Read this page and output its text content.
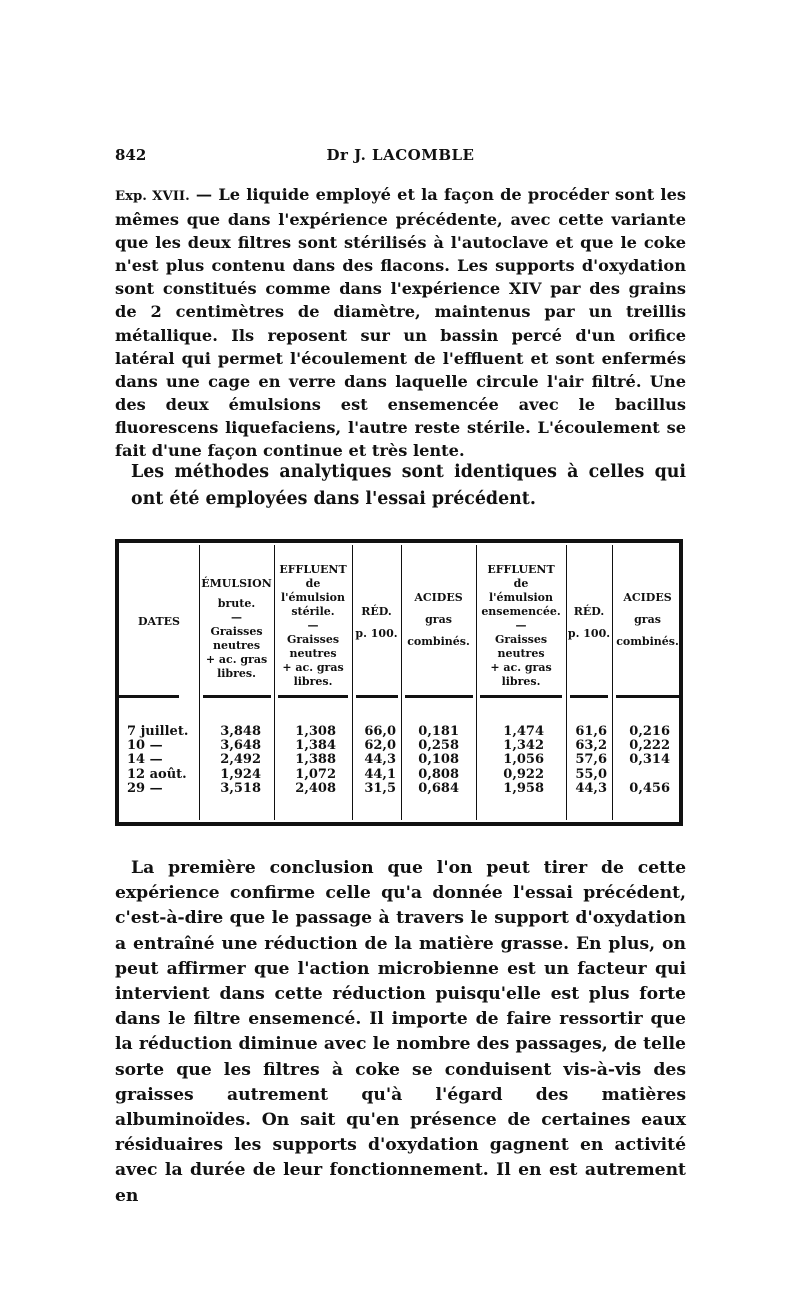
842	Dr J. LACOMBLE
Exp. XVII. — Le liquide employé et la façon de procéder sont les mêmes que dans l'expérience précédente, avec cette variante que les deux filtres sont stérilisés à l'autoclave et que le coke n'est plus contenu dans des flacons. Les supports d'oxydation sont constitués comme dans l'expérience XIV par des grains de 2 centimètres de diamètre, maintenus par un treillis métallique. Ils reposent sur un bassin percé d'un orifice latéral qui permet l'écoulement de l'effluent et sont enfermés dans une cage en verre dans laquelle circule l'air filtré. Une des deux émulsions est ensemencée avec le bacillus fluorescens liquefaciens, l'autre reste stérile. L'écoulement se fait d'une façon continue et très lente.
Les méthodes analytiques sont identiques à celles qui ont été employées dans l'essai précédent.
DATES
ÉMULSION
brute.
—
Graisses
neutres
+ ac. gras
libres.
EFFLUENT
de
l'émulsion
stérile.
—
Graisses
neutres
+ ac. gras
libres.
RÉD.
p. 100.
ACIDES
gras
combinés.
EFFLUENT
de
l'émulsion
ensemencée.
—
Graisses
neutres
+ ac. gras
libres.
RÉD.
p. 100.
ACIDES
gras
combinés.
7 juillet.
10 —
14 —
12 août.
29 —
3,848
3,648
2,492
1,924
3,518
1,308
1,384
1,388
1,072
2,408
66,0
62,0
44,3
44,1
31,5
0,181
0,258
0,108
0,808
0,684
1,474
1,342
1,056
0,922
1,958
61,6
63,2
57,6
55,0
44,3
0,216
0,222
0,314

0,456
La première conclusion que l'on peut tirer de cette expérience confirme celle qu'a donnée l'essai précédent, c'est-à-dire que le passage à travers le support d'oxydation a entraîné une réduction de la matière grasse. En plus, on peut affirmer que l'action microbienne est un facteur qui intervient dans cette réduction puisqu'elle est plus forte dans le filtre ensemencé. Il importe de faire ressortir que la réduction diminue avec le nombre des passages, de telle sorte que les filtres à coke se conduisent vis-à-vis des graisses autrement qu'à l'égard des matières albuminoïdes. On sait qu'en présence de certaines eaux résiduaires les supports d'oxydation gagnent en activité avec la durée de leur fonctionnement. Il en est autrement en
